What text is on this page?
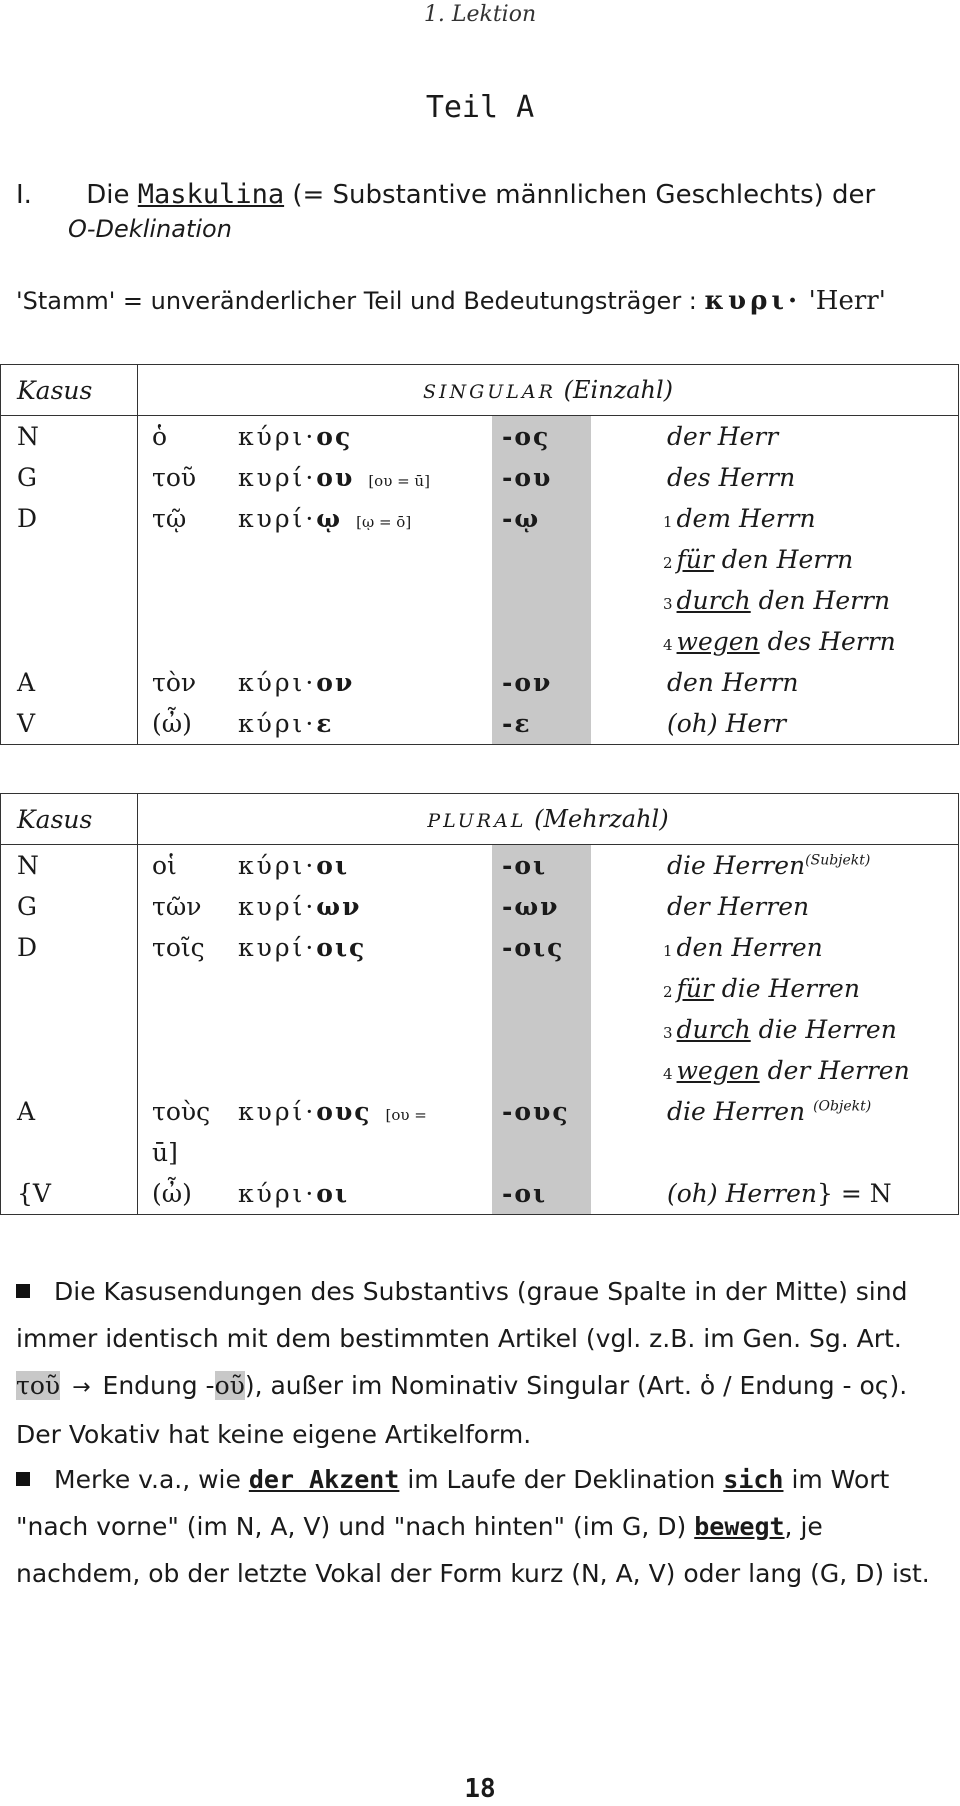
1. Lektion
Teil A
I. Die Maskulina (= Substantive männlichen Geschlechts) der
O-Deklination
'Stamm' = unveränderlicher Teil und Bedeutungsträger : κυρι· 'Herr'
Kasus	SINGULAR (Einzahl)		
N	ὁ κύρι·ος	-ος	der Herr
G	τοῦ κυρί·ου [ου = ū]	-ου	des Herrn
D	τῷ κυρί·ῳ [ῳ = ō]	-ῳ	1 dem Herrn
			2 für den Herrn
			3 durch den Herrn
			4 wegen des Herrn
A	τὸν κύρι·ον	-ον	den Herrn
V	(ὦ) κύρι·ε	-ε	(oh) Herr
Kasus	PLURAL (Mehrzahl)		
N	οἱ κύρι·οι	-οι	die Herren$^{(Subjekt)}$
G	τῶν κυρί·ων	-ων	der Herren
D	τοῖς κυρί·οις	-οις	1 den Herren
			2 für die Herren
			3 durch die Herren
			4 wegen der Herren
A	τοὺς κυρί·ους [ου =	-ους	die Herren $^{(Objekt)}$
	ū]		
{V	(ὦ) κύρι·οι	-οι	(oh) Herren} = N
Die Kasusendungen des Substantivs (graue Spalte in der Mitte) sind immer identisch mit dem bestimmten Artikel (vgl. z.B. im Gen. Sg. Art. τοῦ → Endung -οῦ), außer im Nominativ Singular (Art. ὁ / Endung - ος). Der Vokativ hat keine eigene Artikelform.
Merke v.a., wie der Akzent im Laufe der Deklination sich im Wort "nach vorne" (im N, A, V) und "nach hinten" (im G, D) bewegt, je nachdem, ob der letzte Vokal der Form kurz (N, A, V) oder lang (G, D) ist.
18
